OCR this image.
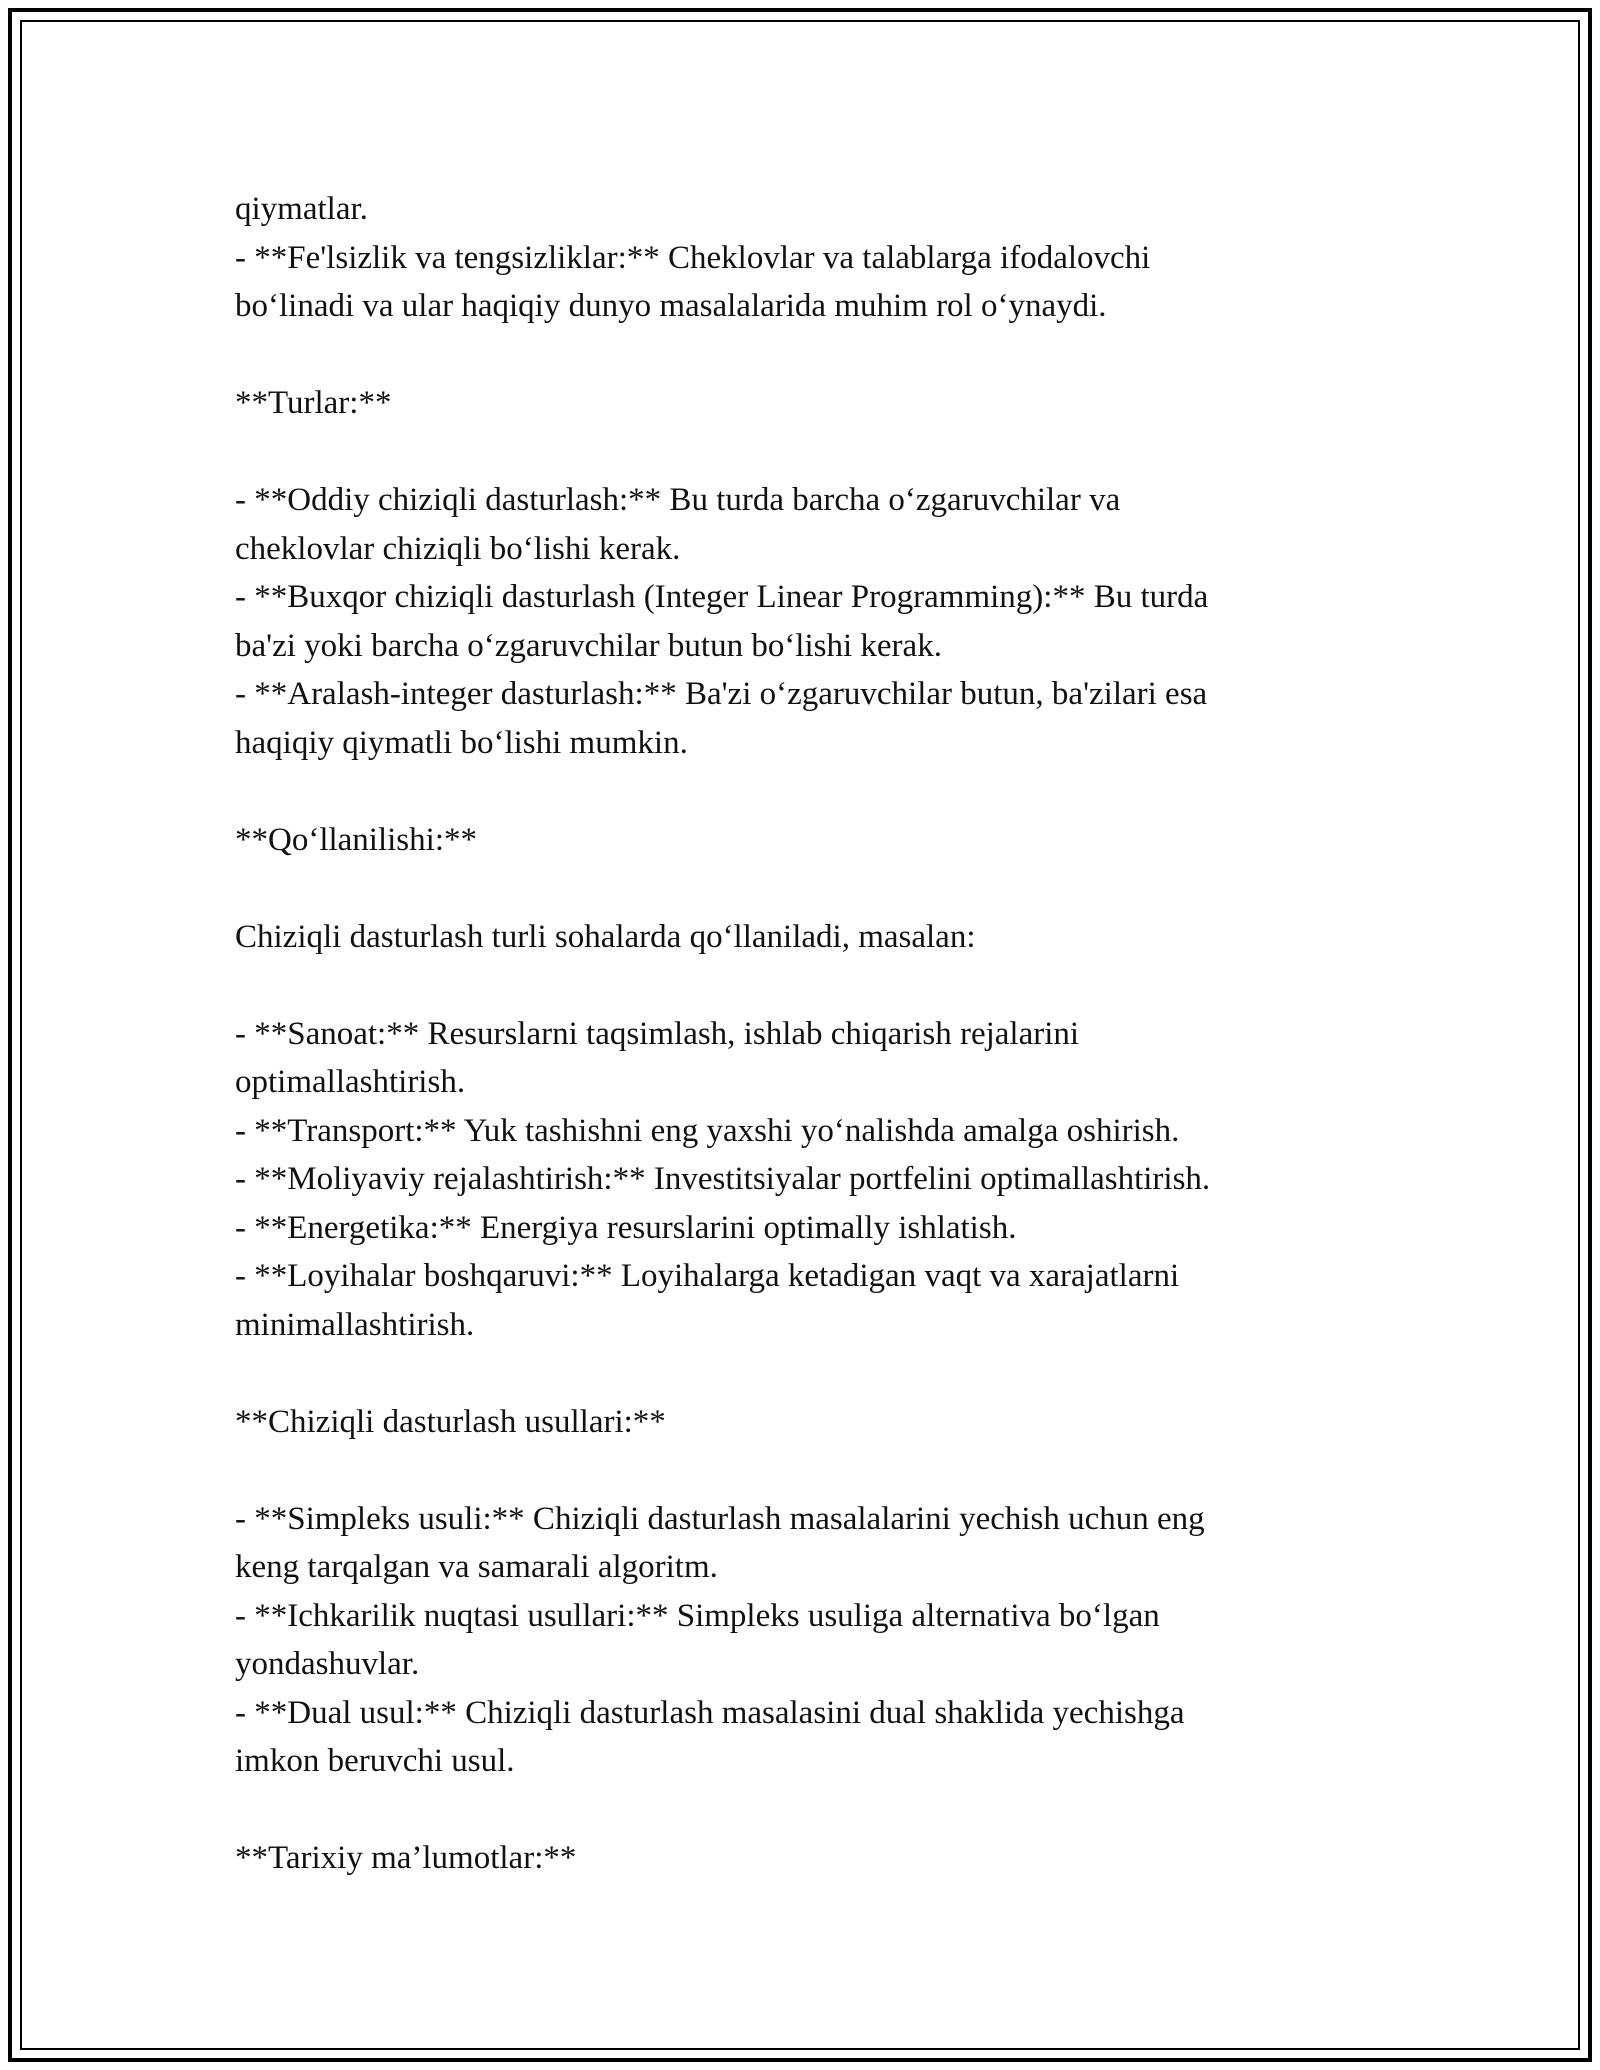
qiymatlar.
- **Fe'lsizlik va tengsizliklar:** Cheklovlar va talablarga ifodalovchi
bo‘linadi va ular haqiqiy dunyo masalalarida muhim rol o‘ynaydi.
**Turlar:**
- **Oddiy chiziqli dasturlash:** Bu turda barcha o‘zgaruvchilar va
cheklovlar chiziqli bo‘lishi kerak.
- **Buxqor chiziqli dasturlash (Integer Linear Programming):** Bu turda
ba'zi yoki barcha o‘zgaruvchilar butun bo‘lishi kerak.
- **Aralash-integer dasturlash:** Ba'zi o‘zgaruvchilar butun, ba'zilari esa
haqiqiy qiymatli bo‘lishi mumkin.
**Qo‘llanilishi:**
Chiziqli dasturlash turli sohalarda qo‘llaniladi, masalan:
- **Sanoat:** Resurslarni taqsimlash, ishlab chiqarish rejalarini
optimallashtirish.
- **Transport:** Yuk tashishni eng yaxshi yo‘nalishda amalga oshirish.
- **Moliyaviy rejalashtirish:** Investitsiyalar portfelini optimallashtirish.
- **Energetika:** Energiya resurslarini optimally ishlatish.
- **Loyihalar boshqaruvi:** Loyihalarga ketadigan vaqt va xarajatlarni
minimallashtirish.
**Chiziqli dasturlash usullari:**
- **Simpleks usuli:** Chiziqli dasturlash masalalarini yechish uchun eng
keng tarqalgan va samarali algoritm.
- **Ichkarilik nuqtasi usullari:** Simpleks usuliga alternativa bo‘lgan
yondashuvlar.
- **Dual usul:** Chiziqli dasturlash masalasini dual shaklida yechishga
imkon beruvchi usul.
**Tarixiy ma’lumotlar:**
